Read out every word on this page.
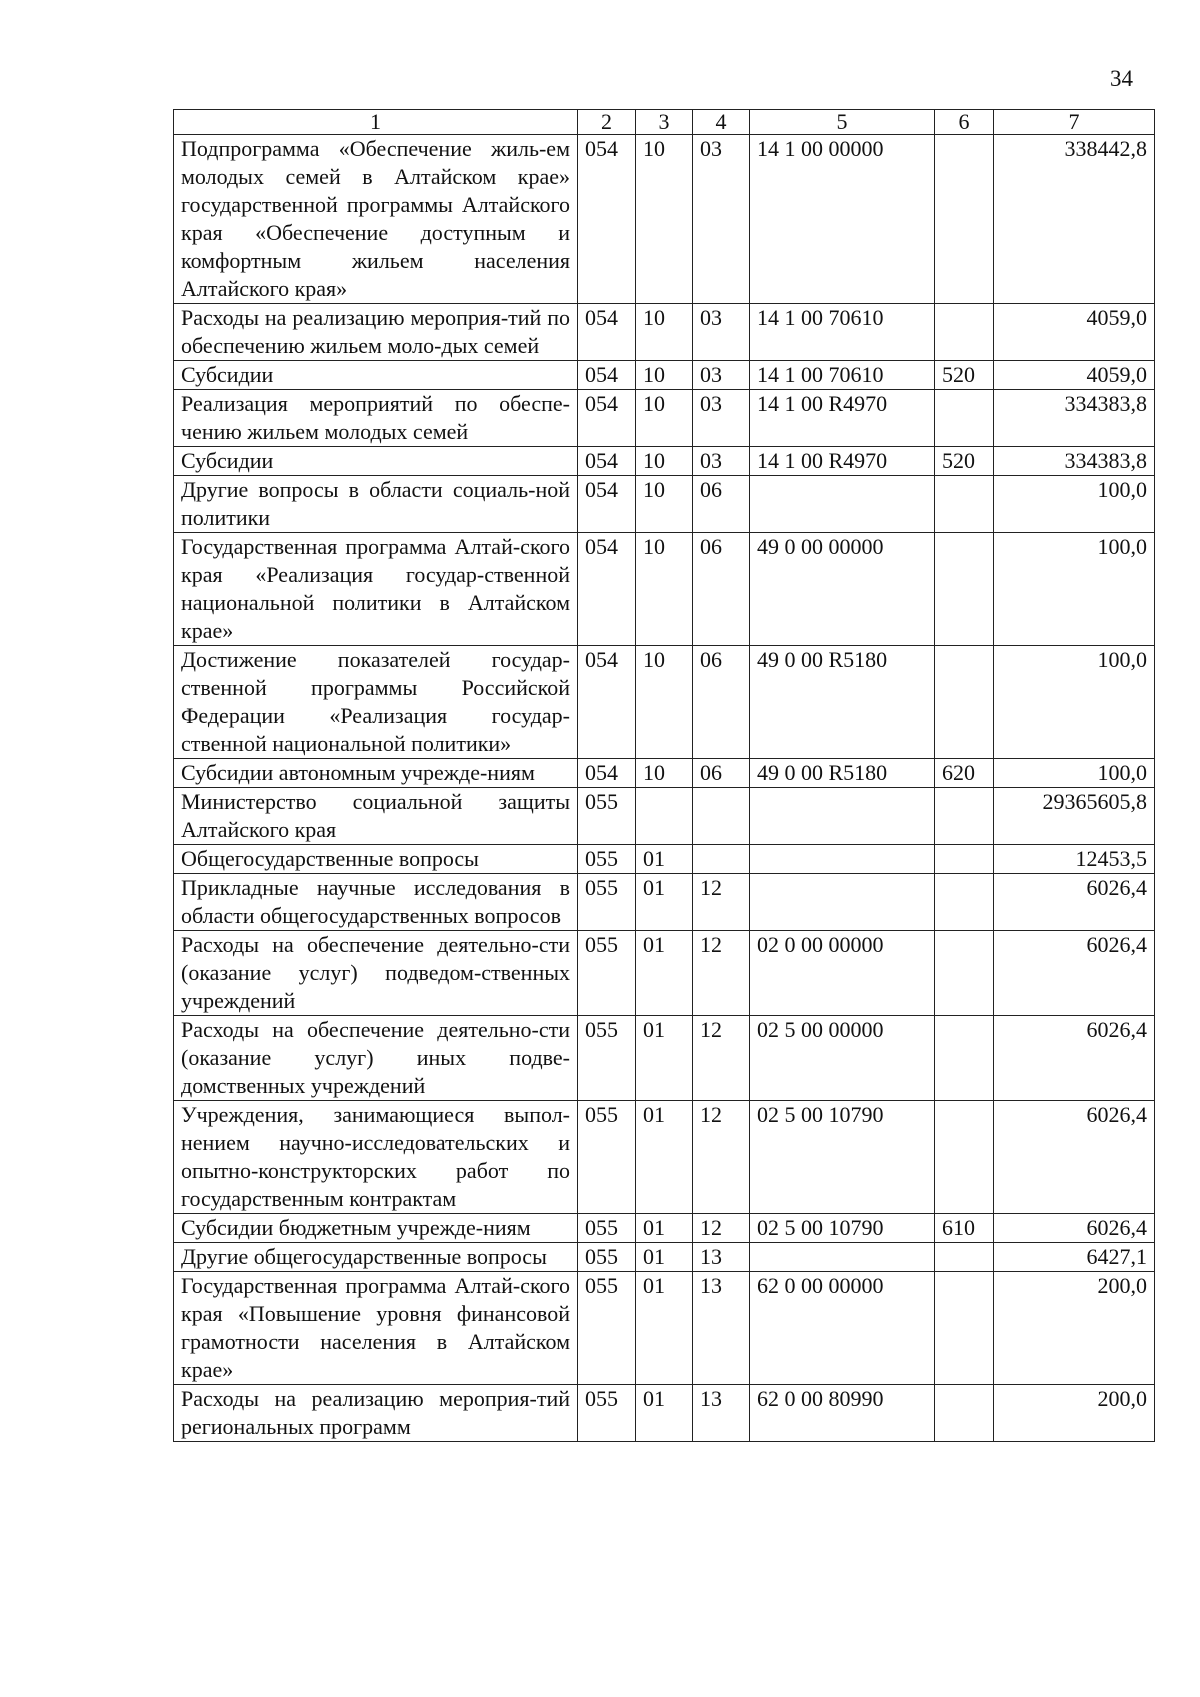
34
1	2	3	4	5	6	7
Подпрограмма «Обеспечение жиль-ем молодых семей в Алтайском крае» государственной программы Алтайского края «Обеспечение доступным и комфортным жильем населения Алтайского края»	054	10	03	14 1 00 00000		338442,8
Расходы на реализацию мероприя-тий по обеспечению жильем моло-дых семей	054	10	03	14 1 00 70610		4059,0
Субсидии	054	10	03	14 1 00 70610	520	4059,0
Реализация мероприятий по обеспе-чению жильем молодых семей	054	10	03	14 1 00 R4970		334383,8
Субсидии	054	10	03	14 1 00 R4970	520	334383,8
Другие вопросы в области социаль-ной политики	054	10	06			100,0
Государственная программа Алтай-ского края «Реализация государ-ственной национальной политики в Алтайском крае»	054	10	06	49 0 00 00000		100,0
Достижение показателей государ-ственной программы Российской Федерации «Реализация государ-ственной национальной политики»	054	10	06	49 0 00 R5180		100,0
Субсидии автономным учрежде-ниям	054	10	06	49 0 00 R5180	620	100,0
Министерство социальной защиты Алтайского края	055					29365605,8
Общегосударственные вопросы	055	01				12453,5
Прикладные научные исследования в области общегосударственных вопросов	055	01	12			6026,4
Расходы на обеспечение деятельно-сти (оказание услуг) подведом-ственных учреждений	055	01	12	02 0 00 00000		6026,4
Расходы на обеспечение деятельно-сти (оказание услуг) иных подве-домственных учреждений	055	01	12	02 5 00 00000		6026,4
Учреждения, занимающиеся выпол-нением научно-исследовательских и опытно-конструкторских работ по государственным контрактам	055	01	12	02 5 00 10790		6026,4
Субсидии бюджетным учрежде-ниям	055	01	12	02 5 00 10790	610	6026,4
Другие общегосударственные вопросы	055	01	13			6427,1
Государственная программа Алтай-ского края «Повышение уровня финансовой грамотности населения в Алтайском крае»	055	01	13	62 0 00 00000		200,0
Расходы на реализацию мероприя-тий региональных программ	055	01	13	62 0 00 80990		200,0
